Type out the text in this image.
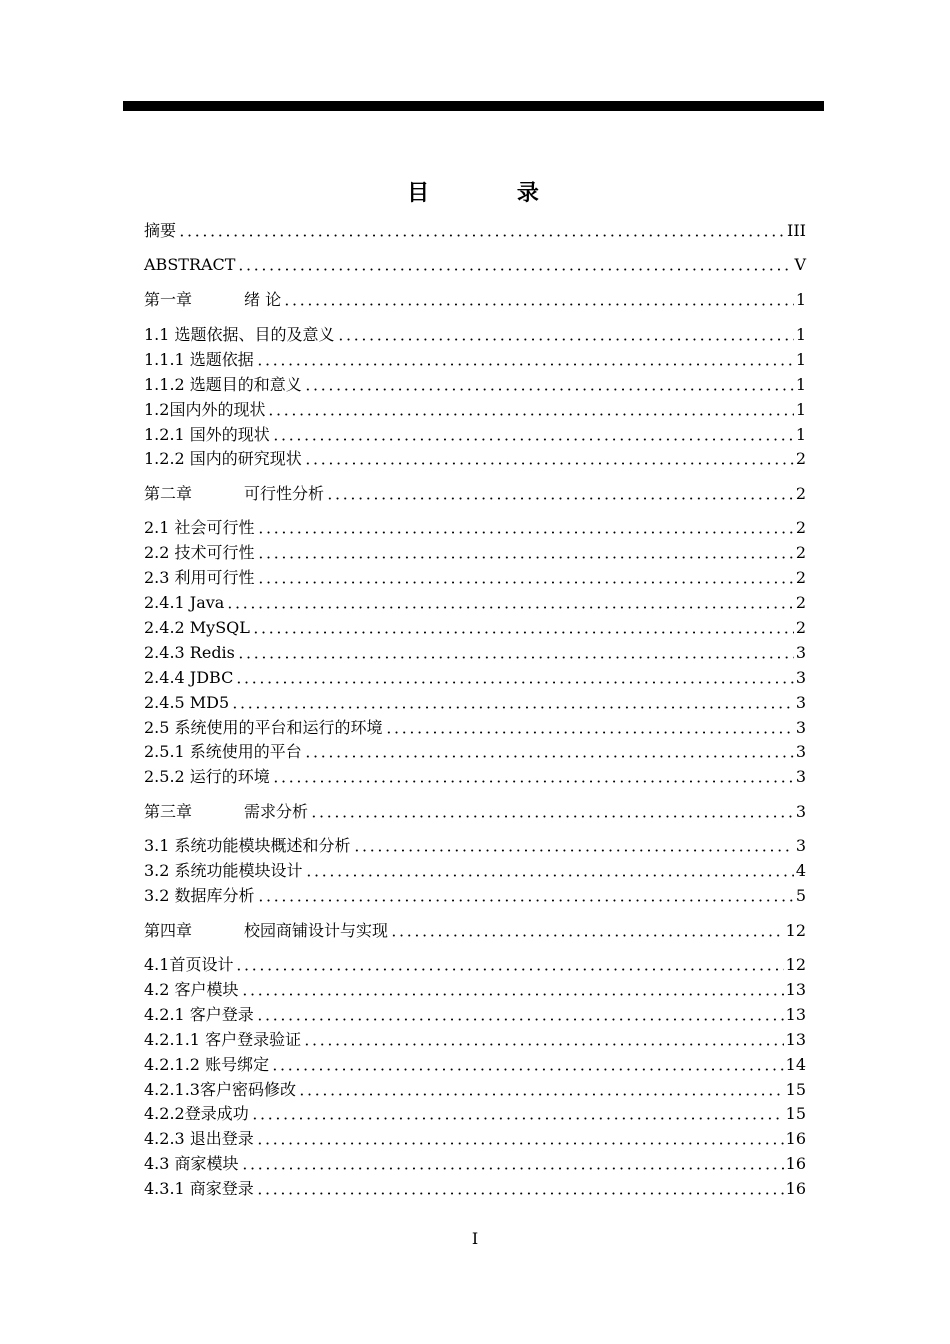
目 录
摘要	III
ABSTRACT	V
第一章	绪 论	1
1.1 选题依据、目的及意义	1
1.1.1 选题依据	1
1.1.2 选题目的和意义	1
1.2国内外的现状	1
1.2.1 国外的现状	1
1.2.2 国内的研究现状	2
第二章	可行性分析	2
2.1 社会可行性	2
2.2 技术可行性	2
2.3 利用可行性	2
2.4.1 Java	2
2.4.2 MySQL	2
2.4.3 Redis	3
2.4.4 JDBC	3
2.4.5 MD5	3
2.5 系统使用的平台和运行的环境	3
2.5.1 系统使用的平台	3
2.5.2 运行的环境	3
第三章	需求分析	3
3.1 系统功能模块概述和分析	3
3.2 系统功能模块设计	4
3.2 数据库分析	5
第四章	校园商铺设计与实现	12
4.1首页设计	12
4.2 客户模块	13
4.2.1 客户登录	13
4.2.1.1 客户登录验证	13
4.2.1.2 账号绑定	14
4.2.1.3客户密码修改	15
4.2.2登录成功	15
4.2.3 退出登录	16
4.3 商家模块	16
4.3.1 商家登录	16
I
